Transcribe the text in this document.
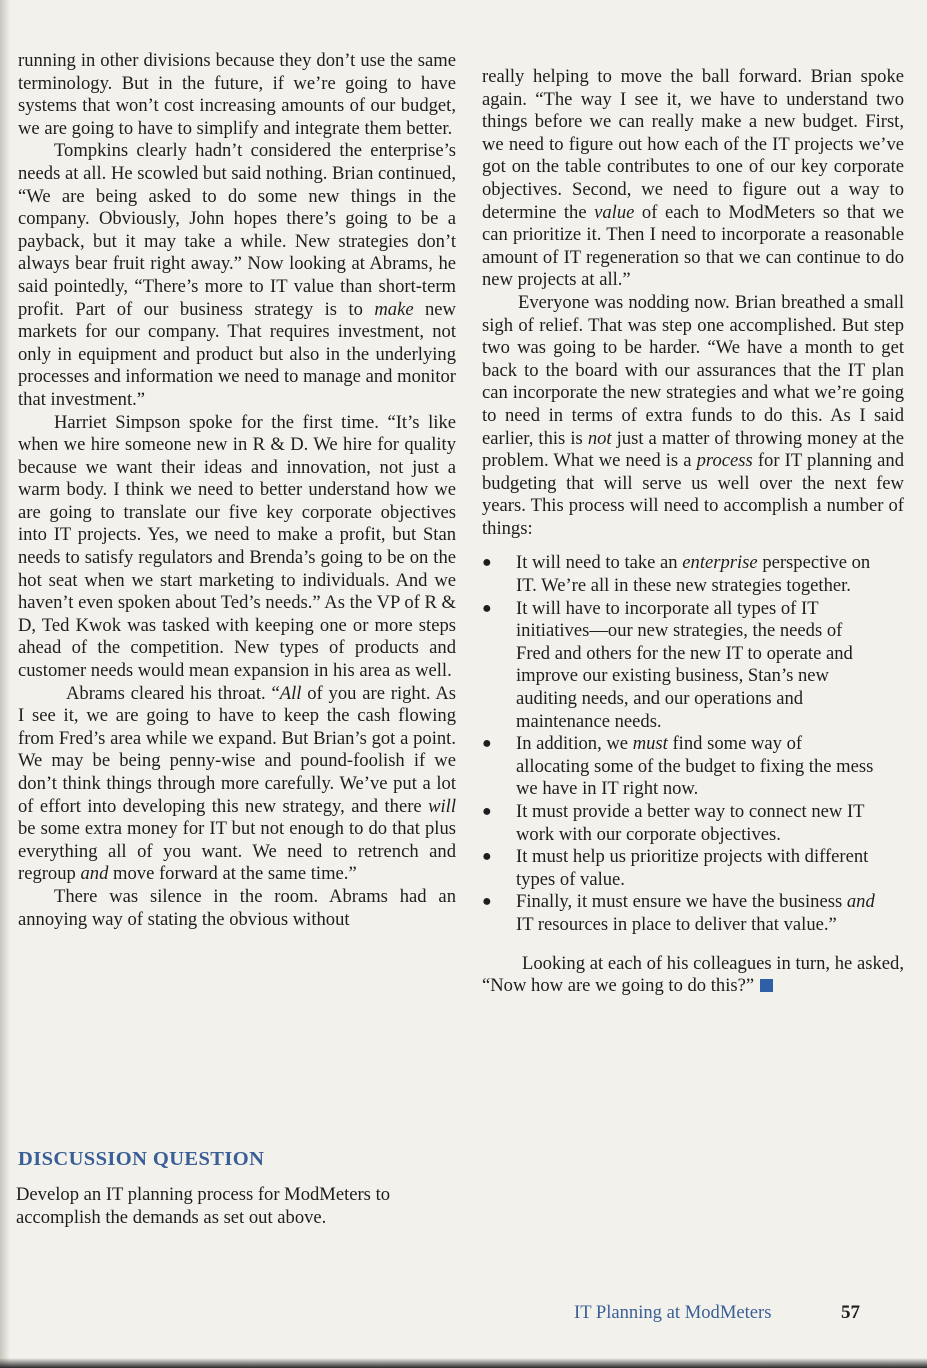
running in other divisions because they don’t use the same terminology. But in the future, if we’re going to have systems that won’t cost increasing amounts of our budget, we are going to have to simplify and integrate them better.

Tompkins clearly hadn’t considered the enterprise’s needs at all. He scowled but said nothing. Brian continued, “We are being asked to do some new things in the company. Obviously, John hopes there’s going to be a payback, but it may take a while. New strategies don’t always bear fruit right away.” Now looking at Abrams, he said pointedly, “There’s more to IT value than short-term profit. Part of our business strategy is to make new markets for our company. That requires investment, not only in equipment and product but also in the underlying processes and information we need to manage and monitor that investment.”

Harriet Simpson spoke for the first time. “It’s like when we hire someone new in R & D. We hire for quality because we want their ideas and innovation, not just a warm body. I think we need to better understand how we are going to translate our five key corporate objectives into IT projects. Yes, we need to make a profit, but Stan needs to satisfy regulators and Brenda’s going to be on the hot seat when we start marketing to individuals. And we haven’t even spoken about Ted’s needs.” As the VP of R & D, Ted Kwok was tasked with keeping one or more steps ahead of the competition. New types of products and customer needs would mean expansion in his area as well.

Abrams cleared his throat. “All of you are right. As I see it, we are going to have to keep the cash flowing from Fred’s area while we expand. But Brian’s got a point. We may be being penny-wise and pound-foolish if we don’t think things through more carefully. We’ve put a lot of effort into developing this new strategy, and there will be some extra money for IT but not enough to do that plus everything all of you want. We need to retrench and regroup and move forward at the same time.”

There was silence in the room. Abrams had an annoying way of stating the obvious without

really helping to move the ball forward. Brian spoke again. “The way I see it, we have to understand two things before we can really make a new budget. First, we need to figure out how each of the IT projects we’ve got on the table contributes to one of our key corporate objectives. Second, we need to figure out a way to determine the value of each to ModMeters so that we can prioritize it. Then I need to incorporate a reasonable amount of IT regeneration so that we can continue to do new projects at all.”

Everyone was nodding now. Brian breathed a small sigh of relief. That was step one accomplished. But step two was going to be harder. “We have a month to get back to the board with our assurances that the IT plan can incorporate the new strategies and what we’re going to need in terms of extra funds to do this. As I said earlier, this is not just a matter of throwing money at the problem. What we need is a process for IT planning and budgeting that will serve us well over the next few years. This process will need to accomplish a number of things:

● It will need to take an enterprise perspective on IT. We’re all in these new strategies together.
● It will have to incorporate all types of IT initiatives—our new strategies, the needs of Fred and others for the new IT to operate and improve our existing business, Stan’s new auditing needs, and our operations and maintenance needs.
● In addition, we must find some way of allocating some of the budget to fixing the mess we have in IT right now.
● It must provide a better way to connect new IT work with our corporate objectives.
● It must help us prioritize projects with different types of value.
● Finally, it must ensure we have the business and IT resources in place to deliver that value.”

Looking at each of his colleagues in turn, he asked, “Now how are we going to do this?”

DISCUSSION QUESTION
Develop an IT planning process for ModMeters to accomplish the demands as set out above.
IT Planning at ModMeters	57
